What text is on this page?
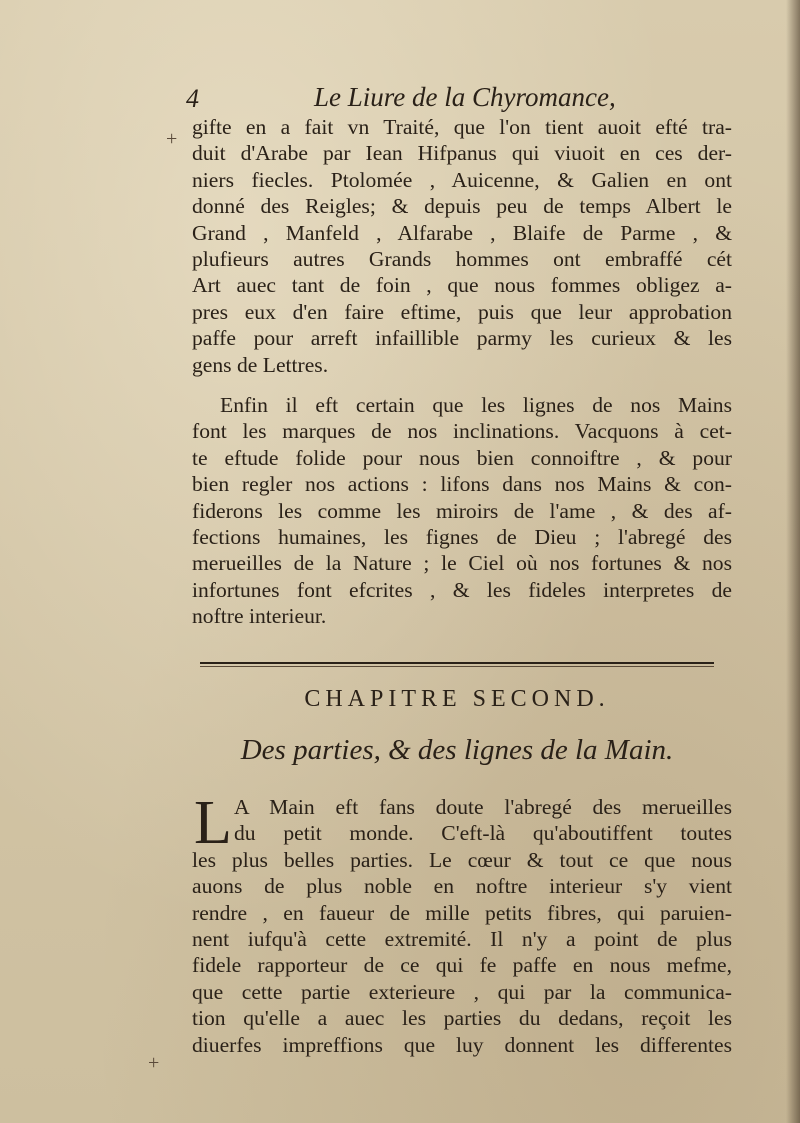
4	Le Liure de la Chyromance,
+
+
gifte en a fait vn Traité, que l'on tient auoit efté tra-
duit d'Arabe par Iean Hifpanus qui viuoit en ces der-
niers fiecles. Ptolomée , Auicenne, & Galien en ont
donné des Reigles; & depuis peu de temps Albert le
Grand , Manfeld , Alfarabe , Blaife de Parme , &
plufieurs autres Grands hommes ont embraffé cét
Art auec tant de foin , que nous fommes obligez a-
pres eux d'en faire eftime, puis que leur approbation
paffe pour arreft infaillible parmy les curieux & les
gens de Lettres.
Enfin il eft certain que les lignes de nos Mains
font les marques de nos inclinations. Vacquons à cet-
te eftude folide pour nous bien connoiftre , & pour
bien regler nos actions : lifons dans nos Mains & con-
fiderons les comme les miroirs de l'ame , & des af-
fections humaines, les fignes de Dieu ; l'abregé des
merueilles de la Nature ; le Ciel où nos fortunes & nos
infortunes font efcrites , & les fideles interpretes de
noftre interieur.
CHAPITRE SECOND.
Des parties, & des lignes de la Main.
L A Main eft fans doute l'abregé des merueilles
du petit monde. C'eft-là qu'aboutiffent toutes
les plus belles parties. Le cœur & tout ce que nous
auons de plus noble en noftre interieur s'y vient
rendre , en faueur de mille petits fibres, qui paruien-
nent iufqu'à cette extremité. Il n'y a point de plus
fidele rapporteur de ce qui fe paffe en nous mefme,
que cette partie exterieure , qui par la communica-
tion qu'elle a auec les parties du dedans, reçoit les
diuerfes impreffions que luy donnent les differentes
